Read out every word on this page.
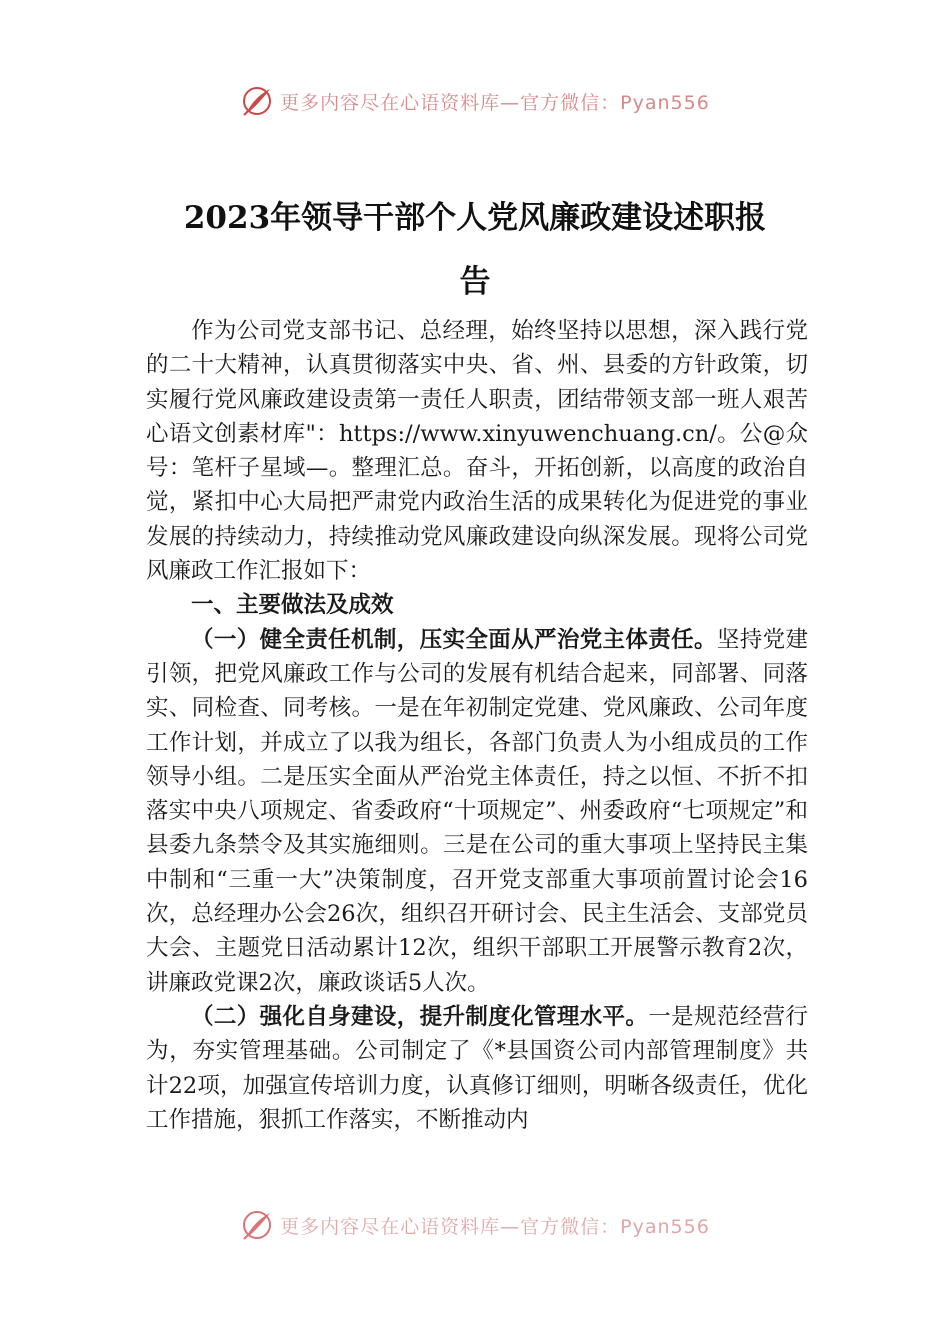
更多内容尽在心语资料库—官方微信：Pyan556
2023年领导干部个人党风廉政建设述职报
告

作为公司党支部书记、总经理，始终坚持以思想，深入践行党的二十大精神，认真贯彻落实中央、省、州、县委的方针政策，切实履行党风廉政建设责第一责任人职责，团结带领支部一班人艰苦心语文创素材库"：https://www.xinyuwenchuang.cn/。公@众号：笔杆子星域—。整理汇总。奋斗，开拓创新，以高度的政治自觉，紧扣中心大局把严肃党内政治生活的成果转化为促进党的事业发展的持续动力，持续推动党风廉政建设向纵深发展。现将公司党风廉政工作汇报如下：

一、主要做法及成效

（一）健全责任机制，压实全面从严治党主体责任。坚持党建引领，把党风廉政工作与公司的发展有机结合起来，同部署、同落实、同检查、同考核。一是在年初制定党建、党风廉政、公司年度工作计划，并成立了以我为组长，各部门负责人为小组成员的工作领导小组。二是压实全面从严治党主体责任，持之以恒、不折不扣落实中央八项规定、省委政府“十项规定”、州委政府“七项规定”和县委九条禁令及其实施细则。三是在公司的重大事项上坚持民主集中制和“三重一大”决策制度，召开党支部重大事项前置讨论会16次，总经理办公会26次，组织召开研讨会、民主生活会、支部党员大会、主题党日活动累计12次，组织干部职工开展警示教育2次，讲廉政党课2次，廉政谈话5人次。

（二）强化自身建设，提升制度化管理水平。一是规范经营行为，夯实管理基础。公司制定了《*县国资公司内部管理制度》共计22项，加强宣传培训力度，认真修订细则，明晰各级责任，优化工作措施，狠抓工作落实，不断推动内

更多内容尽在心语资料库—官方微信：Pyan556
